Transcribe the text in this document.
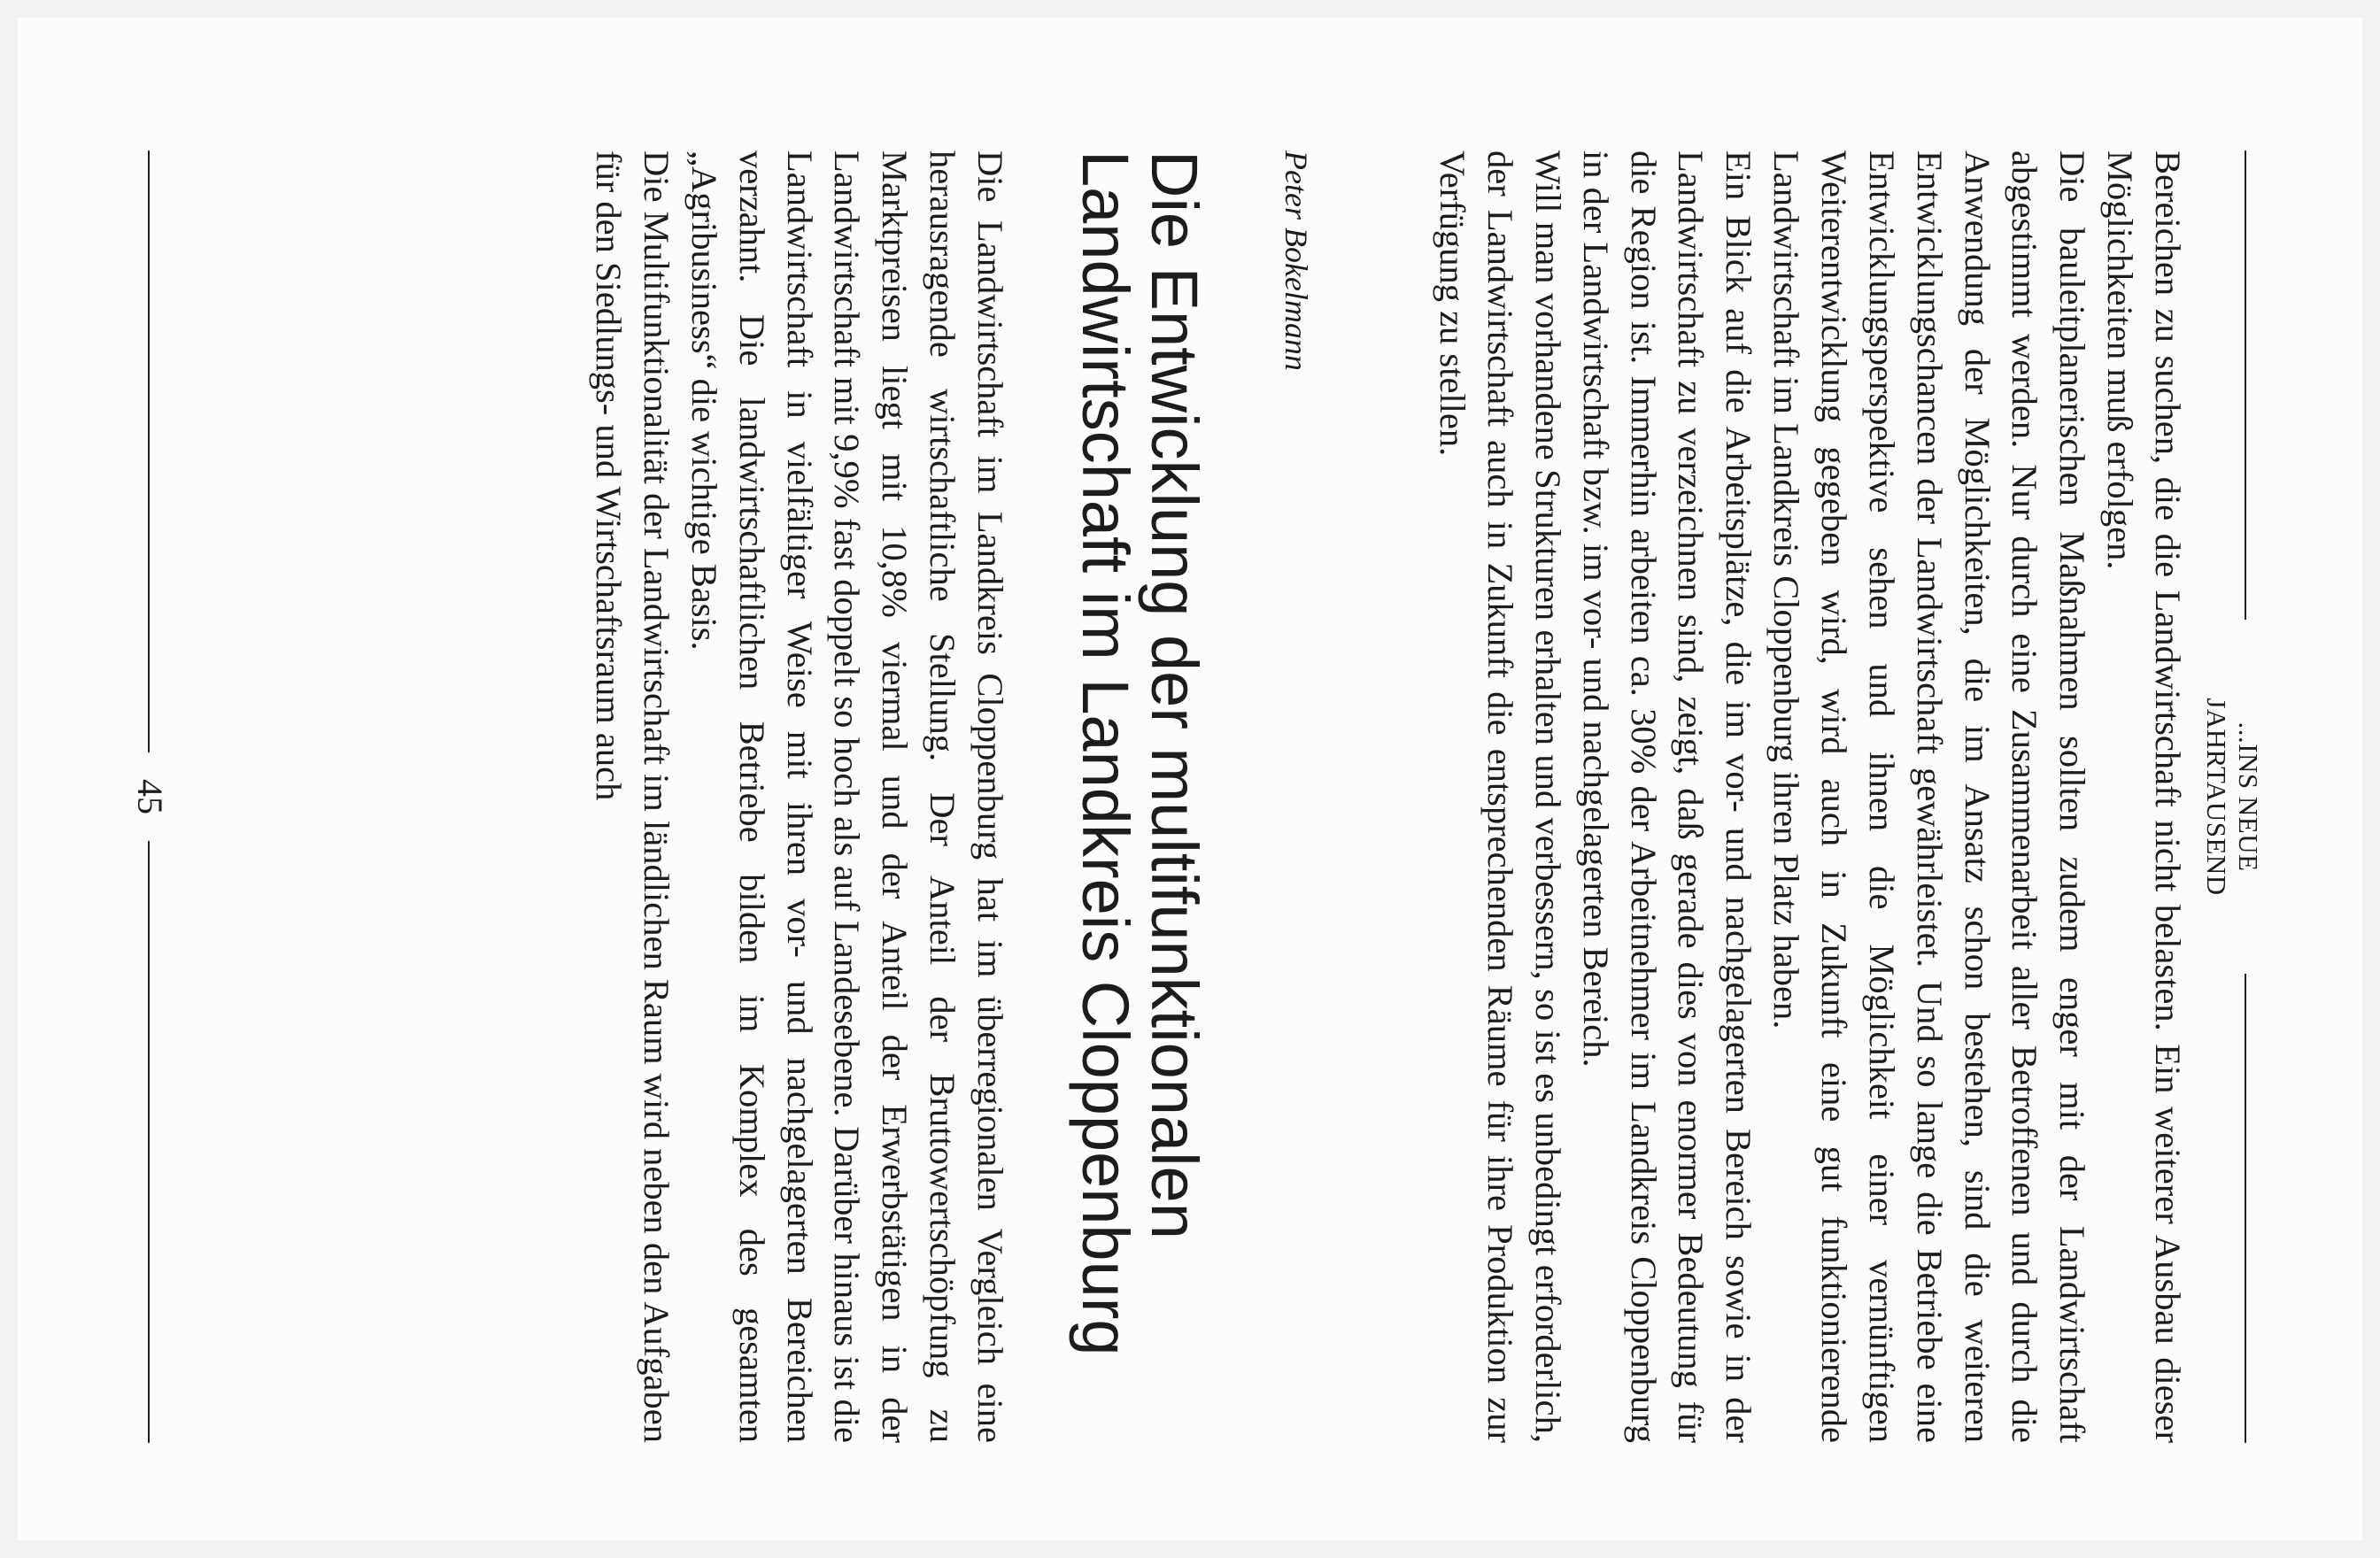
...INS NEUE JAHRTAUSEND

Bereichen zu suchen, die die Landwirtschaft nicht belasten. Ein weiterer Ausbau dieser Möglichkeiten muß erfolgen.

Die bauleitplanerischen Maßnahmen sollten zudem enger mit der Landwirtschaft abgestimmt werden. Nur durch eine Zusammenarbeit aller Betroffenen und durch die Anwendung der Möglichkeiten, die im Ansatz schon bestehen, sind die weiteren Entwicklungschancen der Landwirtschaft gewährleistet. Und so lange die Betriebe eine Entwicklungsperspektive sehen und ihnen die Möglichkeit einer vernünftigen Weiterentwicklung gegeben wird, wird auch in Zukunft eine gut funktionierende Landwirtschaft im Landkreis Cloppenburg ihren Platz haben.

Ein Blick auf die Arbeitsplätze, die im vor- und nachgelagerten Bereich sowie in der Landwirtschaft zu verzeichnen sind, zeigt, daß gerade dies von enormer Bedeutung für die Region ist. Immerhin arbeiten ca. 30% der Arbeitnehmer im Landkreis Cloppenburg in der Landwirtschaft bzw. im vor- und nachgelagerten Bereich.

Will man vorhandene Strukturen erhalten und verbessern, so ist es unbedingt erforderlich, der Landwirtschaft auch in Zukunft die entsprechenden Räume für ihre Produktion zur Verfügung zu stellen.

Peter Bokelmann
Die Entwicklung der multifunktionalen
Landwirtschaft im Landkreis Cloppenburg

Die Landwirtschaft im Landkreis Cloppenburg hat im überregionalen Vergleich eine herausragende wirtschaftliche Stellung. Der Anteil der Bruttowertschöpfung zu Marktpreisen liegt mit 10,8% viermal und der Anteil der Erwerbstätigen in der Landwirtschaft mit 9,9% fast doppelt so hoch als auf Landesebene. Darüber hinaus ist die Landwirtschaft in vielfältiger Weise mit ihren vor- und nachgelagerten Bereichen verzahnt. Die landwirtschaftlichen Betriebe bilden im Komplex des gesamten „Agribusiness“ die wichtige Basis.

Die Multifunktionalität der Landwirtschaft im ländlichen Raum wird neben den Aufgaben für den Siedlungs- und Wirtschaftsraum auch

45
